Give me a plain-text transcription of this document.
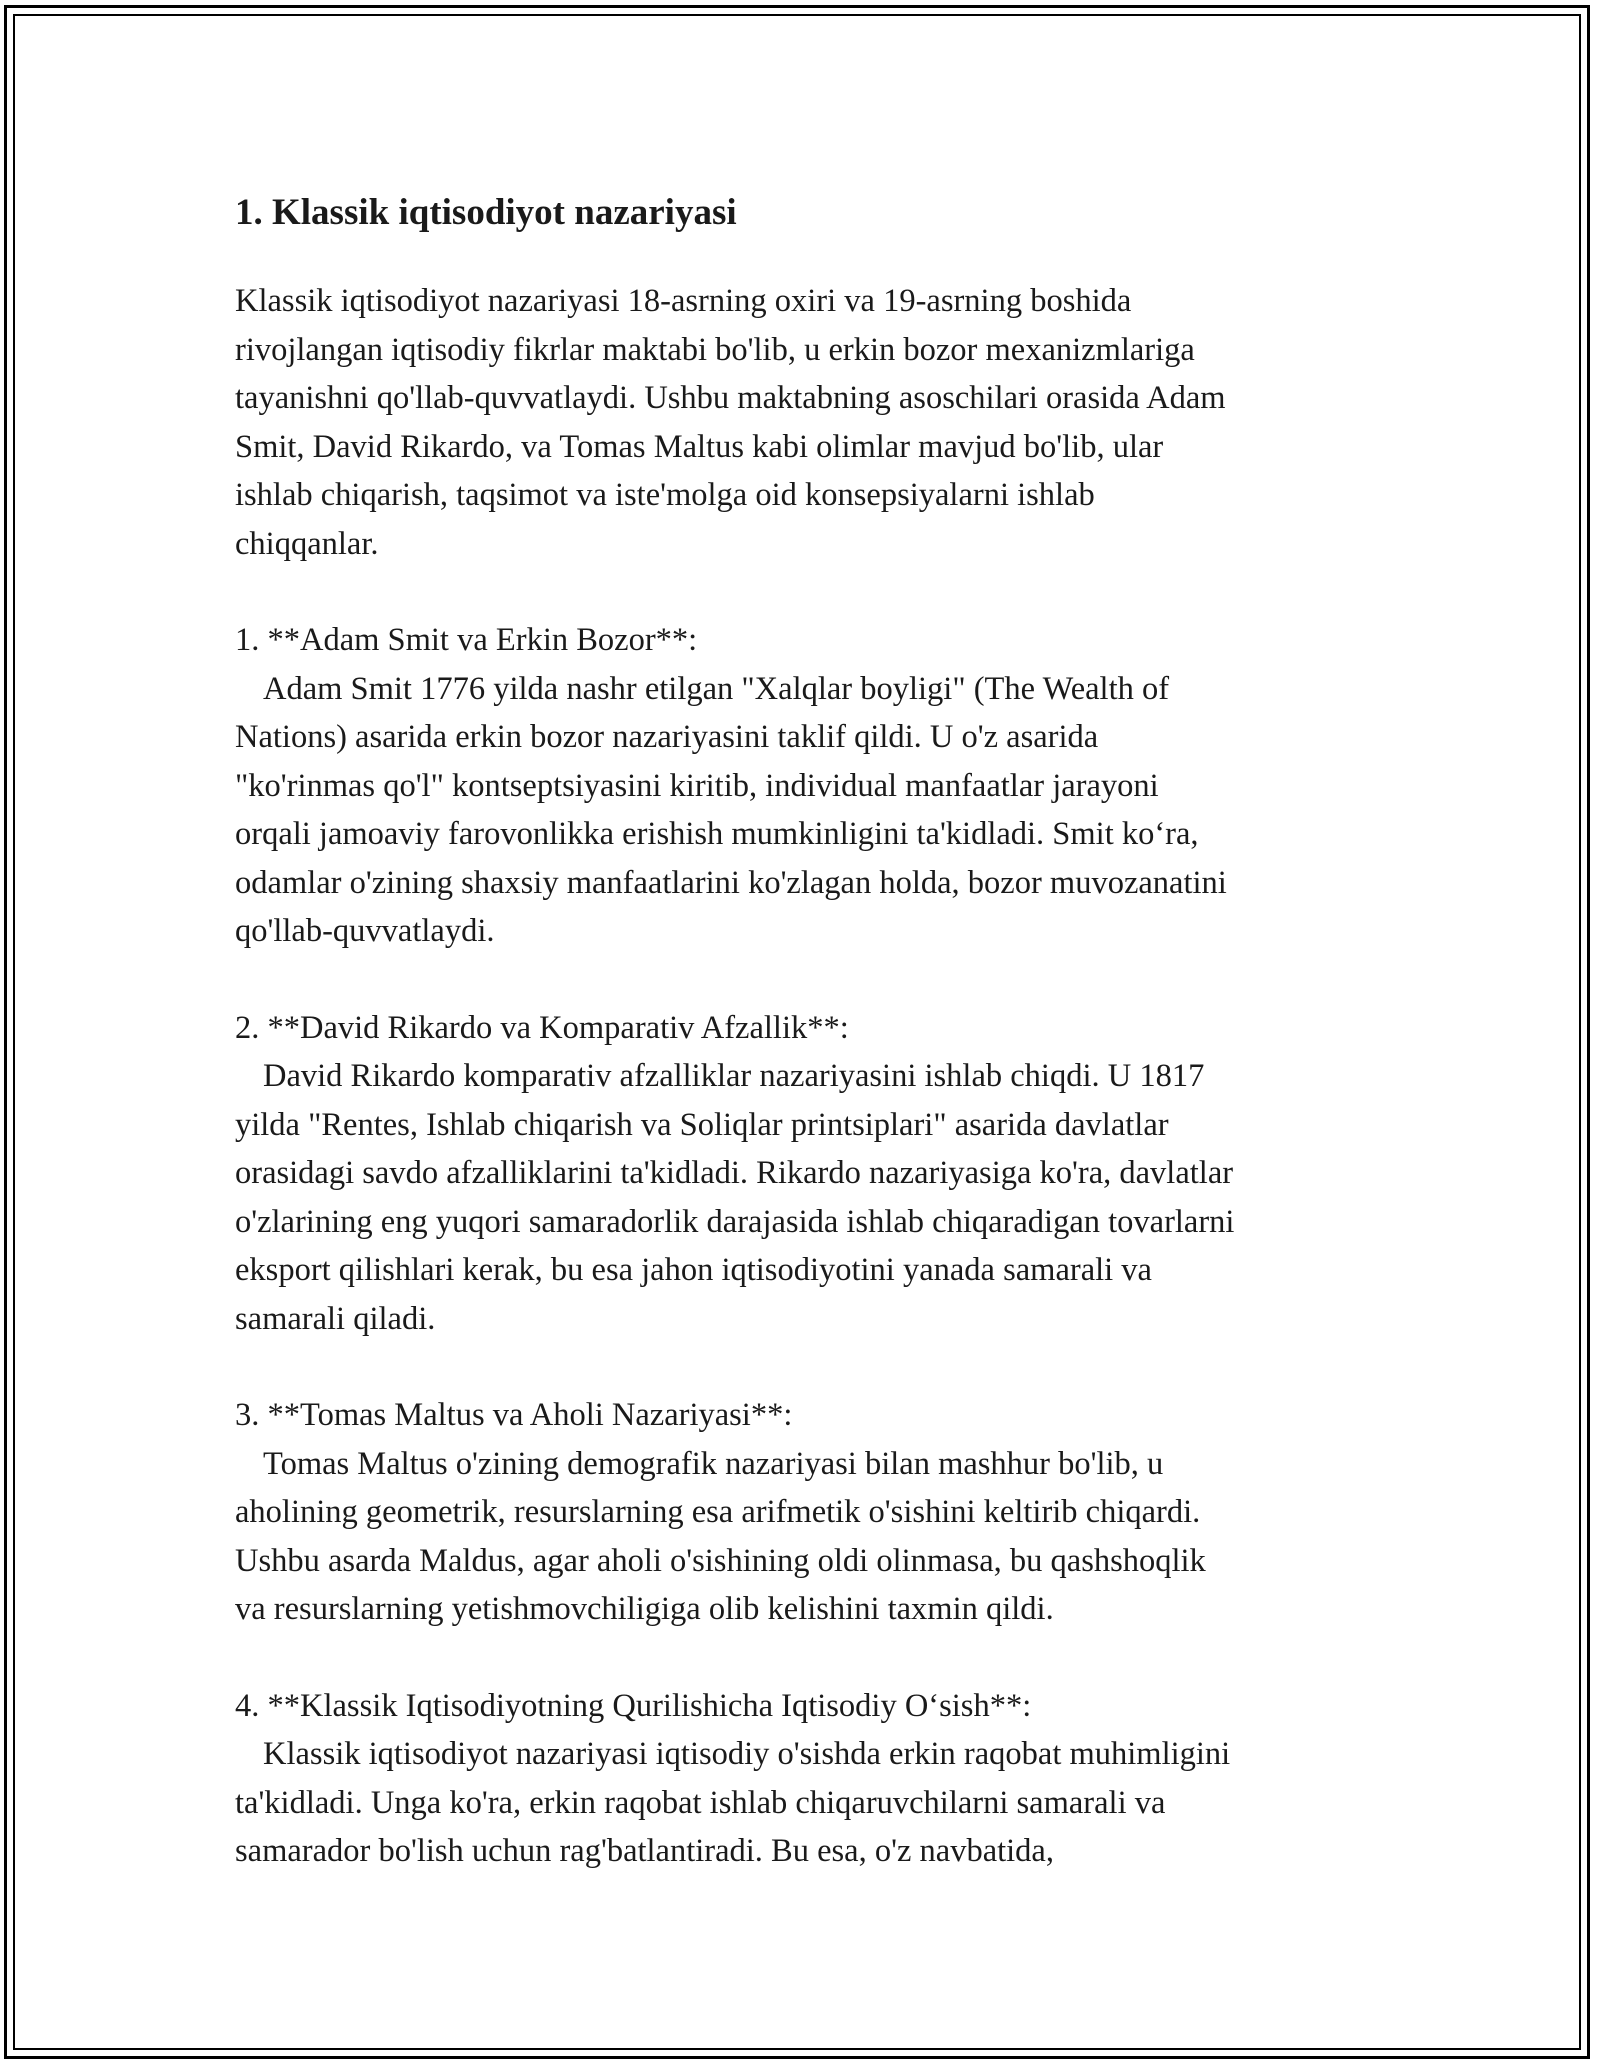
1. Klassik iqtisodiyot nazariyasi

Klassik iqtisodiyot nazariyasi 18-asrning oxiri va 19-asrning boshida
rivojlangan iqtisodiy fikrlar maktabi bo'lib, u erkin bozor mexanizmlariga
tayanishni qo'llab-quvvatlaydi. Ushbu maktabning asoschilari orasida Adam
Smit, David Rikardo, va Tomas Maltus kabi olimlar mavjud bo'lib, ular
ishlab chiqarish, taqsimot va iste'molga oid konsepsiyalarni ishlab
chiqqanlar.

1. **Adam Smit va Erkin Bozor**:
Adam Smit 1776 yilda nashr etilgan "Xalqlar boyligi" (The Wealth of
Nations) asarida erkin bozor nazariyasini taklif qildi. U o'z asarida
"ko'rinmas qo'l" kontseptsiyasini kiritib, individual manfaatlar jarayoni
orqali jamoaviy farovonlikka erishish mumkinligini ta'kidladi. Smit ko‘ra,
odamlar o'zining shaxsiy manfaatlarini ko'zlagan holda, bozor muvozanatini
qo'llab-quvvatlaydi.

2. **David Rikardo va Komparativ Afzallik**:
David Rikardo komparativ afzalliklar nazariyasini ishlab chiqdi. U 1817
yilda "Rentes, Ishlab chiqarish va Soliqlar printsiplari" asarida davlatlar
orasidagi savdo afzalliklarini ta'kidladi. Rikardo nazariyasiga ko'ra, davlatlar
o'zlarining eng yuqori samaradorlik darajasida ishlab chiqaradigan tovarlarni
eksport qilishlari kerak, bu esa jahon iqtisodiyotini yanada samarali va
samarali qiladi.

3. **Tomas Maltus va Aholi Nazariyasi**:
Tomas Maltus o'zining demografik nazariyasi bilan mashhur bo'lib, u
aholining geometrik, resurslarning esa arifmetik o'sishini keltirib chiqardi.
Ushbu asarda Maldus, agar aholi o'sishining oldi olinmasa, bu qashshoqlik
va resurslarning yetishmovchiligiga olib kelishini taxmin qildi.

4. **Klassik Iqtisodiyotning Qurilishicha Iqtisodiy O‘sish**:
Klassik iqtisodiyot nazariyasi iqtisodiy o'sishda erkin raqobat muhimligini
ta'kidladi. Unga ko'ra, erkin raqobat ishlab chiqaruvchilarni samarali va
samarador bo'lish uchun rag'batlantiradi. Bu esa, o'z navbatida,
